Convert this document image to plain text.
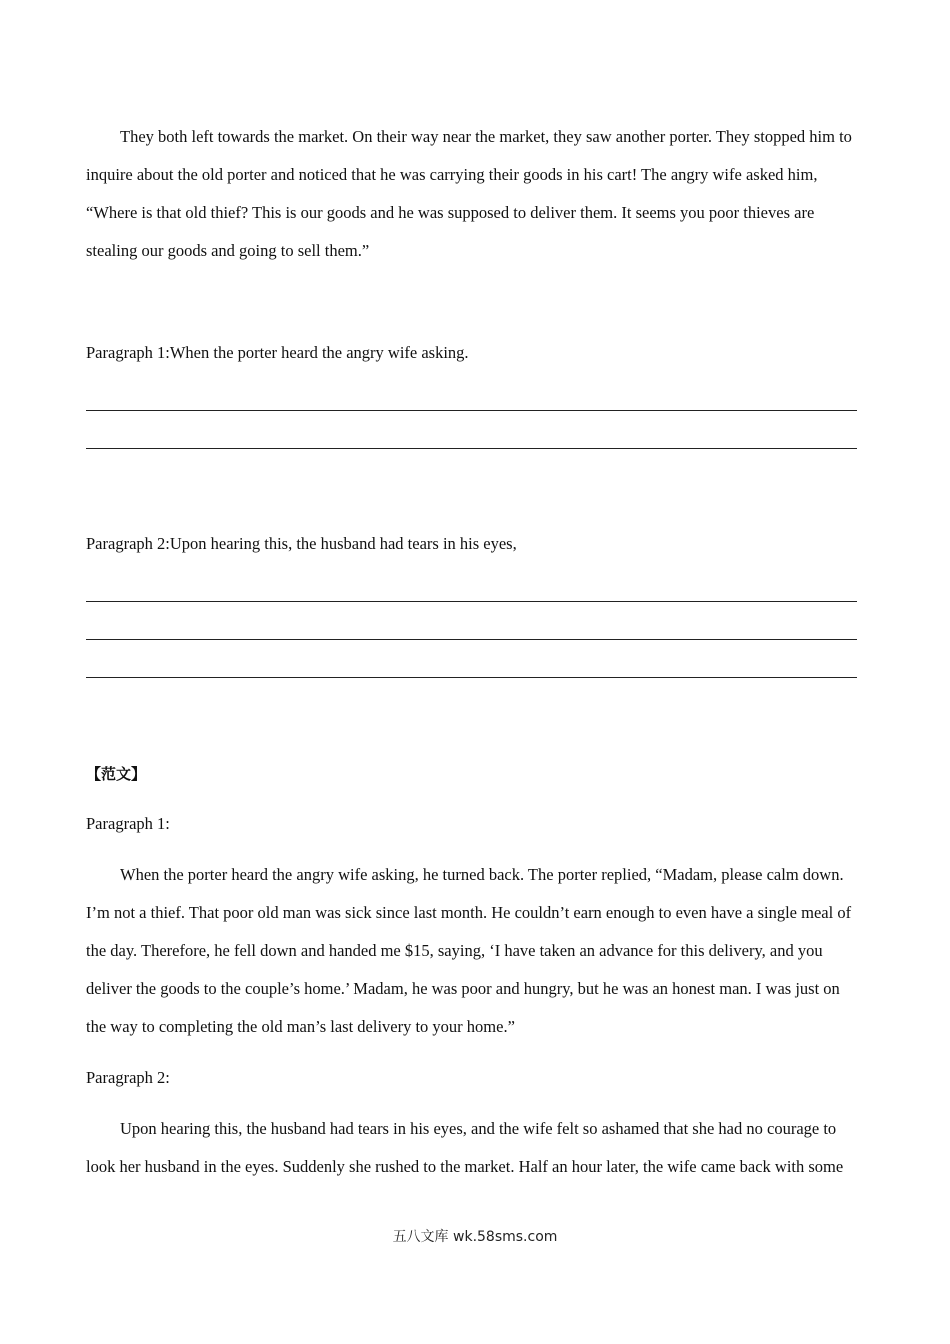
They both left towards the market. On their way near the market, they saw another porter. They stopped him to
inquire about the old porter and noticed that he was carrying their goods in his cart! The angry wife asked him,
“Where is that old thief? This is our goods and he was supposed to deliver them. It seems you poor thieves are
stealing our goods and going to sell them.”
Paragraph 1:When the porter heard the angry wife asking.
Paragraph 2:Upon hearing this, the husband had tears in his eyes,
【范文】
Paragraph 1:
When the porter heard the angry wife asking, he turned back. The porter replied, “Madam, please calm down.
I’m not a thief. That poor old man was sick since last month. He couldn’t earn enough to even have a single meal of
the day. Therefore, he fell down and handed me $15, saying, ‘I have taken an advance for this delivery, and you
deliver the goods to the couple’s home.’ Madam, he was poor and hungry, but he was an honest man. I was just on
the way to completing the old man’s last delivery to your home.”
Paragraph 2:
Upon hearing this, the husband had tears in his eyes, and the wife felt so ashamed that she had no courage to
look her husband in the eyes. Suddenly she rushed to the market. Half an hour later, the wife came back with some
五八文库 wk.58sms.com
